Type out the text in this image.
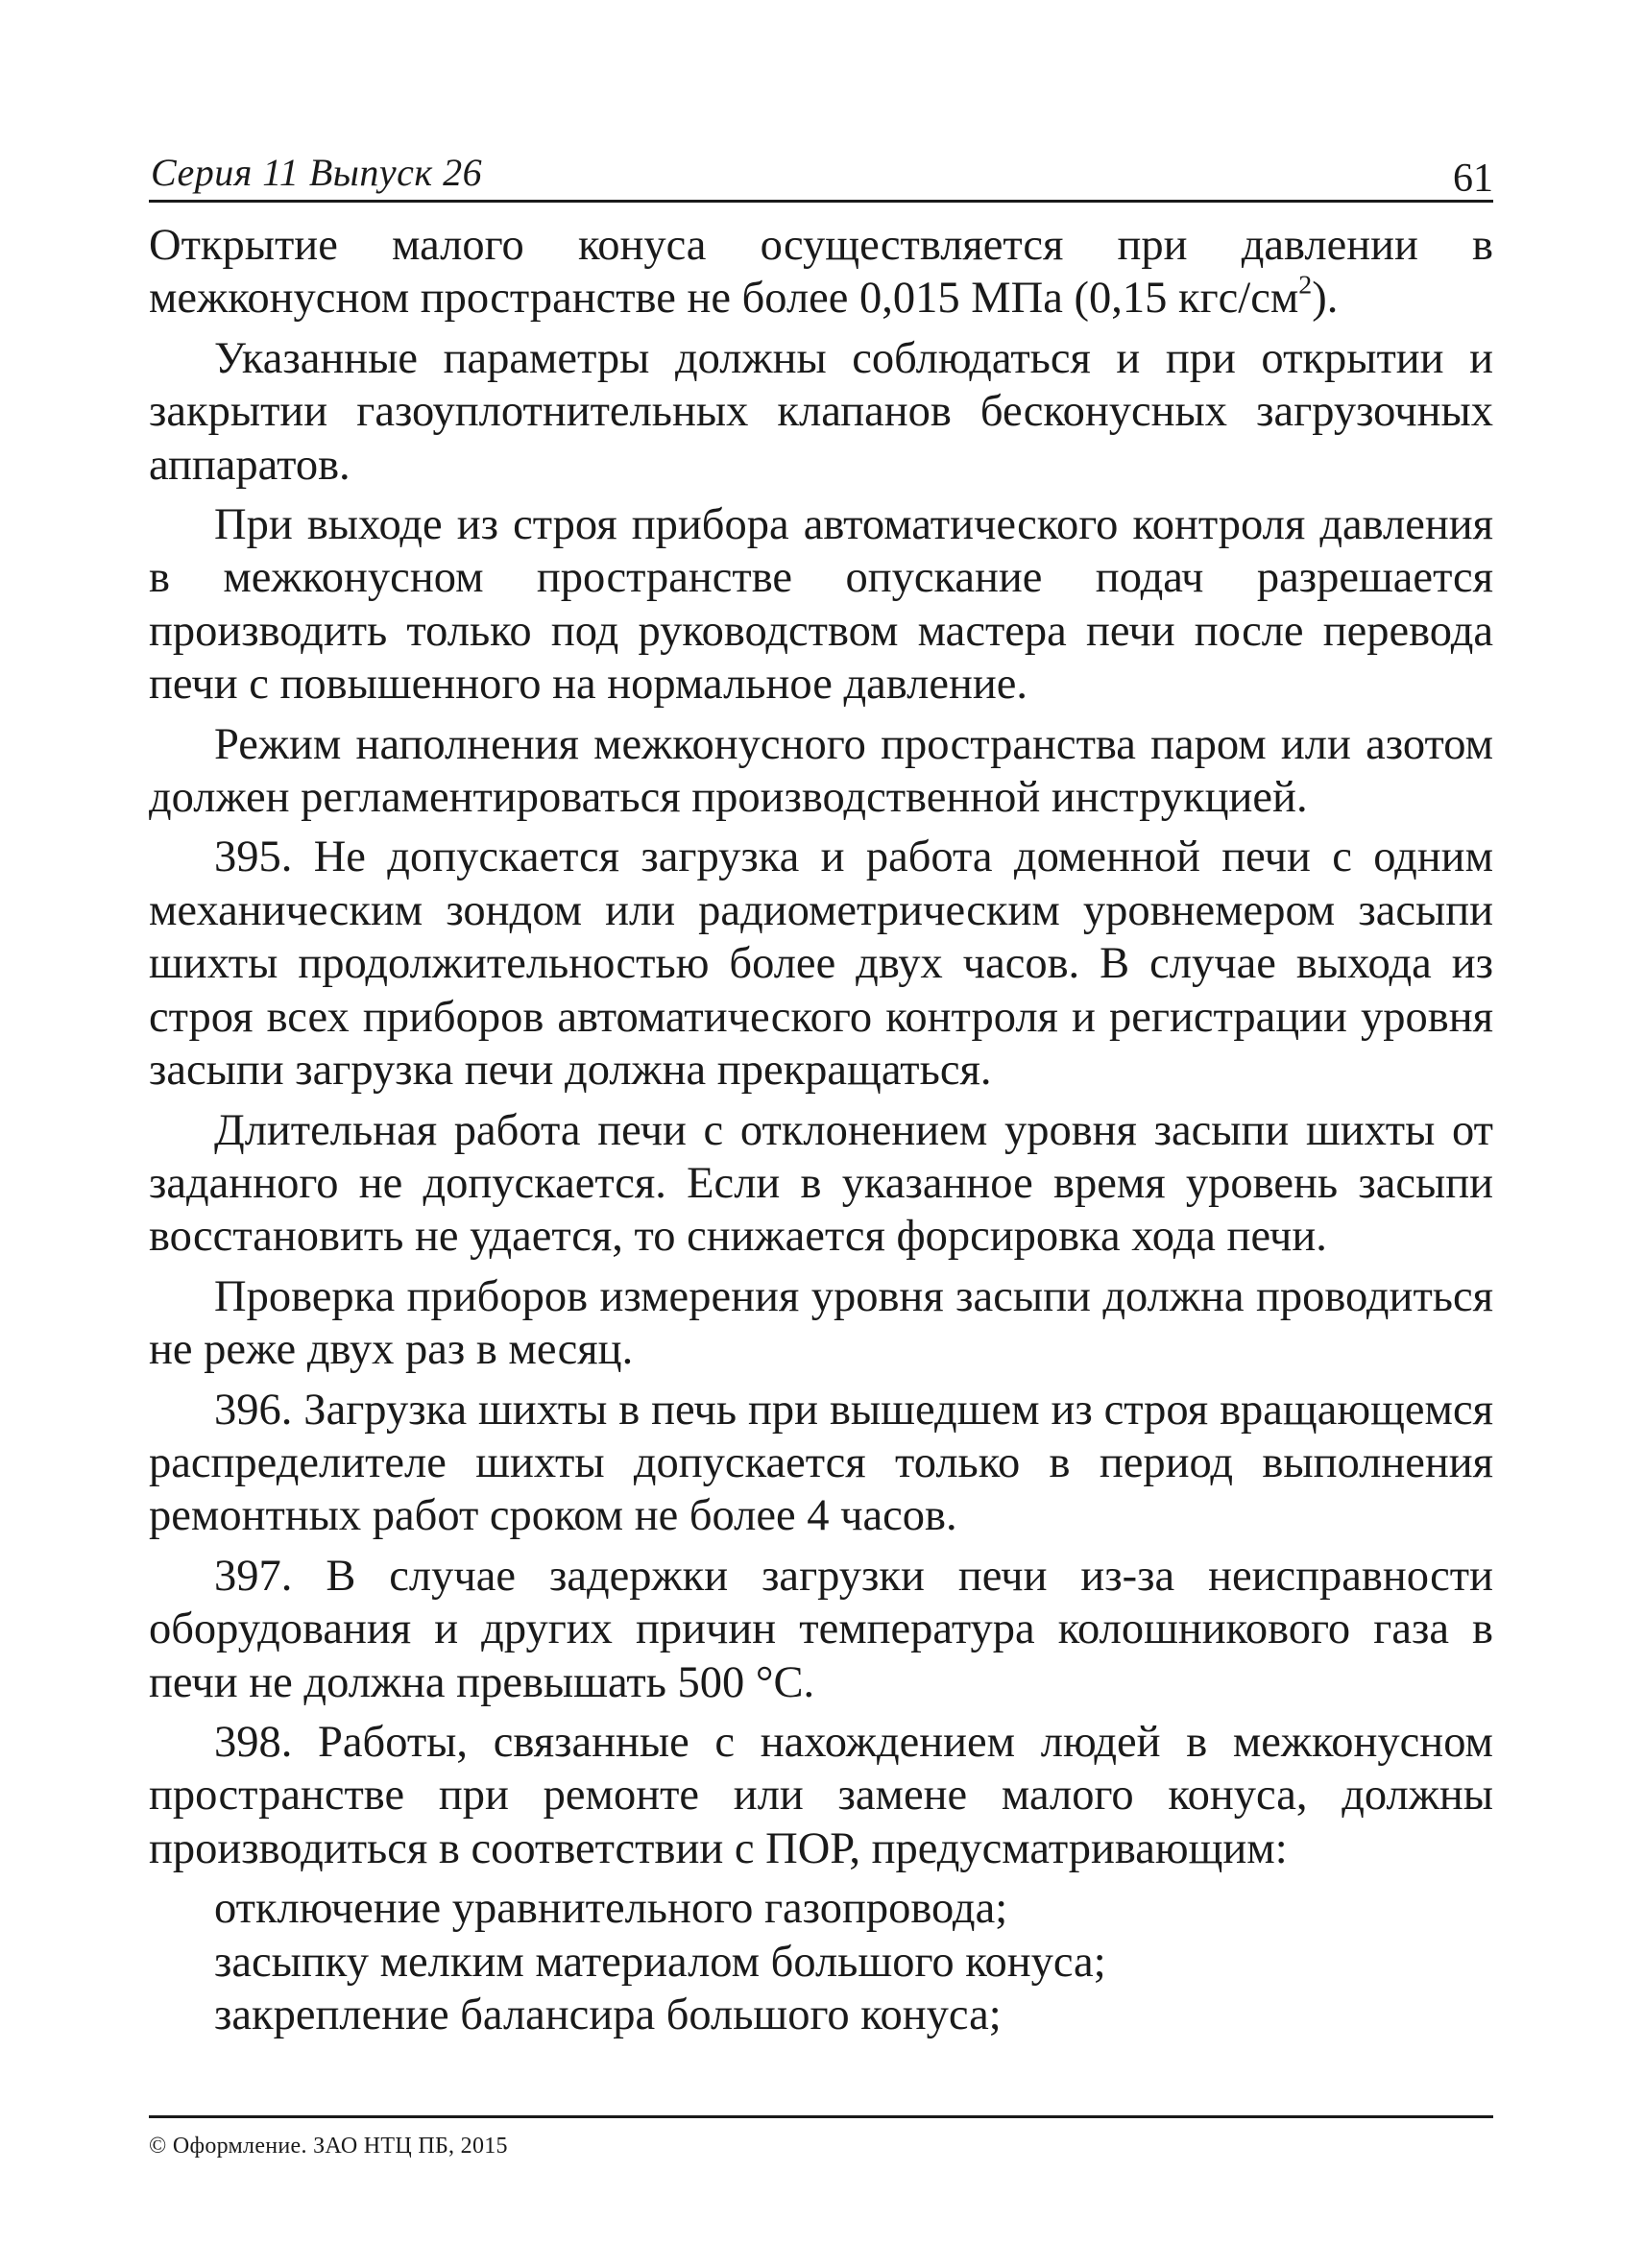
Серия 11 Выпуск 26	61

Открытие малого конуса осуществляется при давлении в межконусном пространстве не более 0,015 МПа (0,15 кгс/$см^2$).

Указанные параметры должны соблюдаться и при открытии и закрытии газоуплотнительных клапанов бесконусных загрузочных аппаратов.

При выходе из строя прибора автоматического контроля давления в межконусном пространстве опускание подач разрешается производить только под руководством мастера печи после перевода печи с повышенного на нормальное давление.

Режим наполнения межконусного пространства паром или азотом должен регламентироваться производственной инструкцией.

395. Не допускается загрузка и работа доменной печи с одним механическим зондом или радиометрическим уровнемером засыпи шихты продолжительностью более двух часов. В случае выхода из строя всех приборов автоматического контроля и регистрации уровня засыпи загрузка печи должна прекращаться.

Длительная работа печи с отклонением уровня засыпи шихты от заданного не допускается. Если в указанное время уровень засыпи восстановить не удается, то снижается форсировка хода печи.

Проверка приборов измерения уровня засыпи должна проводиться не реже двух раз в месяц.

396. Загрузка шихты в печь при вышедшем из строя вращающемся распределителе шихты допускается только в период выполнения ремонтных работ сроком не более 4 часов.

397. В случае задержки загрузки печи из-за неисправности оборудования и других причин температура колошникового газа в печи не должна превышать 500 °С.

398. Работы, связанные с нахождением людей в межконусном пространстве при ремонте или замене малого конуса, должны производиться в соответствии с ПОР, предусматривающим:

отключение уравнительного газопровода;

засыпку мелким материалом большого конуса;

закрепление балансира большого конуса;

© Оформление. ЗАО НТЦ ПБ, 2015
